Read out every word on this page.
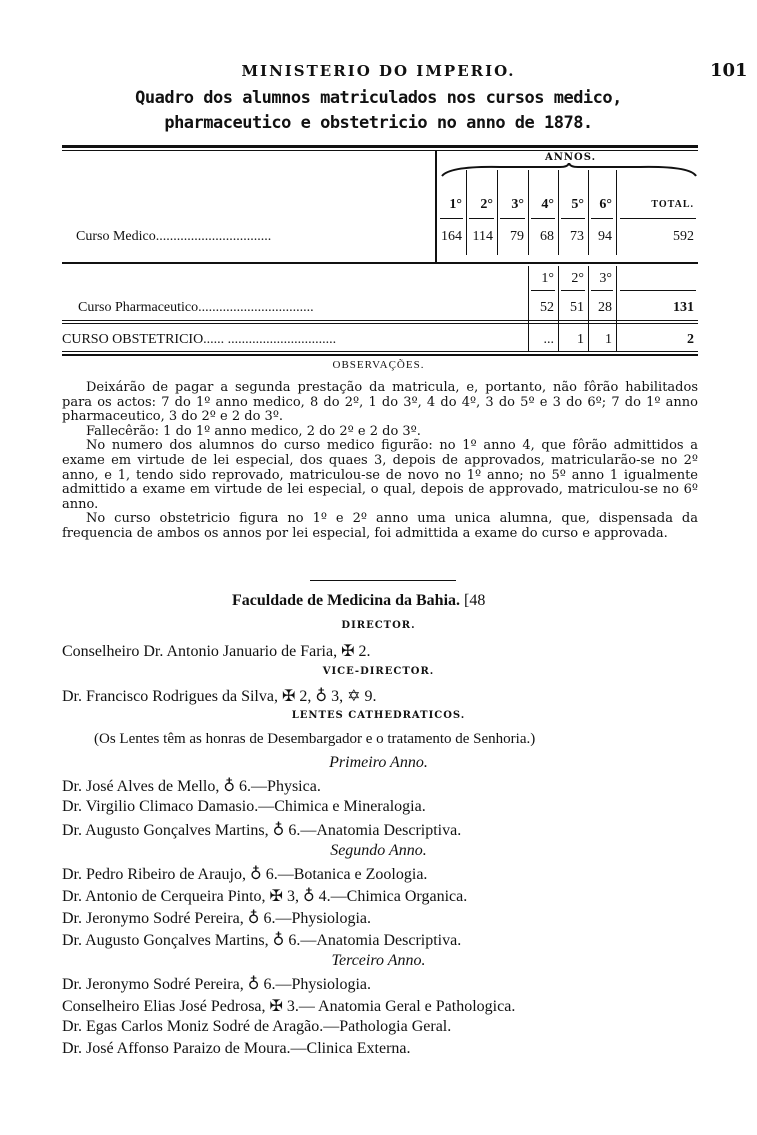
MINISTERIO DO IMPERIO.	101
Quadro dos alumnos matriculados nos cursos medico,
pharmaceutico e obstetricio no anno de 1878.
ANNOS.
Curso Medico.................................
Curso Pharmaceutico.................................
CURSO OBSTETRICIO...... ...............................
OBSERVAÇÕES.

Deixárão de pagar a segunda prestação da matricula, e, portanto, não fôrão habilitados para os actos: 7 do 1º anno medico, 8 do 2º, 1 do 3º, 4 do 4º, 3 do 5º e 3 do 6º; 7 do 1º anno pharmaceutico, 3 do 2º e 2 do 3º.

Fallecêrão: 1 do 1º anno medico, 2 do 2º e 2 do 3º.

No numero dos alumnos do curso medico figurão: no 1º anno 4, que fôrão admittidos a exame em virtude de lei especial, dos quaes 3, depois de approvados, matricularão-se no 2º anno, e 1, tendo sido reprovado, matriculou-se de novo no 1º anno; no 5º anno 1 igualmente admittido a exame em virtude de lei especial, o qual, depois de approvado, matriculou-se no 6º anno.

No curso obstetricio figura no 1º e 2º anno uma unica alumna, que, dispensada da frequencia de ambos os annos por lei especial, foi admittida a exame do curso e approvada.

Faculdade de Medicina da Bahia. [48
DIRECTOR.
Conselheiro Dr. Antonio Januario de Faria, ✠ 2.
VICE-DIRECTOR.
Dr. Francisco Rodrigues da Silva, ✠ 2, ♁ 3, ✡ 9.
LENTES CATHEDRATICOS.
(Os Lentes têm as honras de Desembargador e o tratamento de Senhoria.)
1°
164
2°
114
3°
79
4°
68
5°
73
6°
94
TOTAL.
592
1°
52
...
2°
51
1
3°
28
1
131
2
Primeiro Anno.
Dr. José Alves de Mello, ♁ 6.—Physica.
Dr. Virgilio Climaco Damasio.—Chimica e Mineralogia.
Dr. Augusto Gonçalves Martins, ♁ 6.—Anatomia Descriptiva.
Segundo Anno.
Dr. Pedro Ribeiro de Araujo, ♁ 6.—Botanica e Zoologia.
Dr. Antonio de Cerqueira Pinto, ✠ 3, ♁ 4.—Chimica Organica.
Dr. Jeronymo Sodré Pereira, ♁ 6.—Physiologia.
Dr. Augusto Gonçalves Martins, ♁ 6.—Anatomia Descriptiva.
Terceiro Anno.
Dr. Jeronymo Sodré Pereira, ♁ 6.—Physiologia.
Conselheiro Elias José Pedrosa, ✠ 3.— Anatomia Geral e Pathologica.
Dr. Egas Carlos Moniz Sodré de Aragão.—Pathologia Geral.
Dr. José Affonso Paraizo de Moura.—Clinica Externa.
